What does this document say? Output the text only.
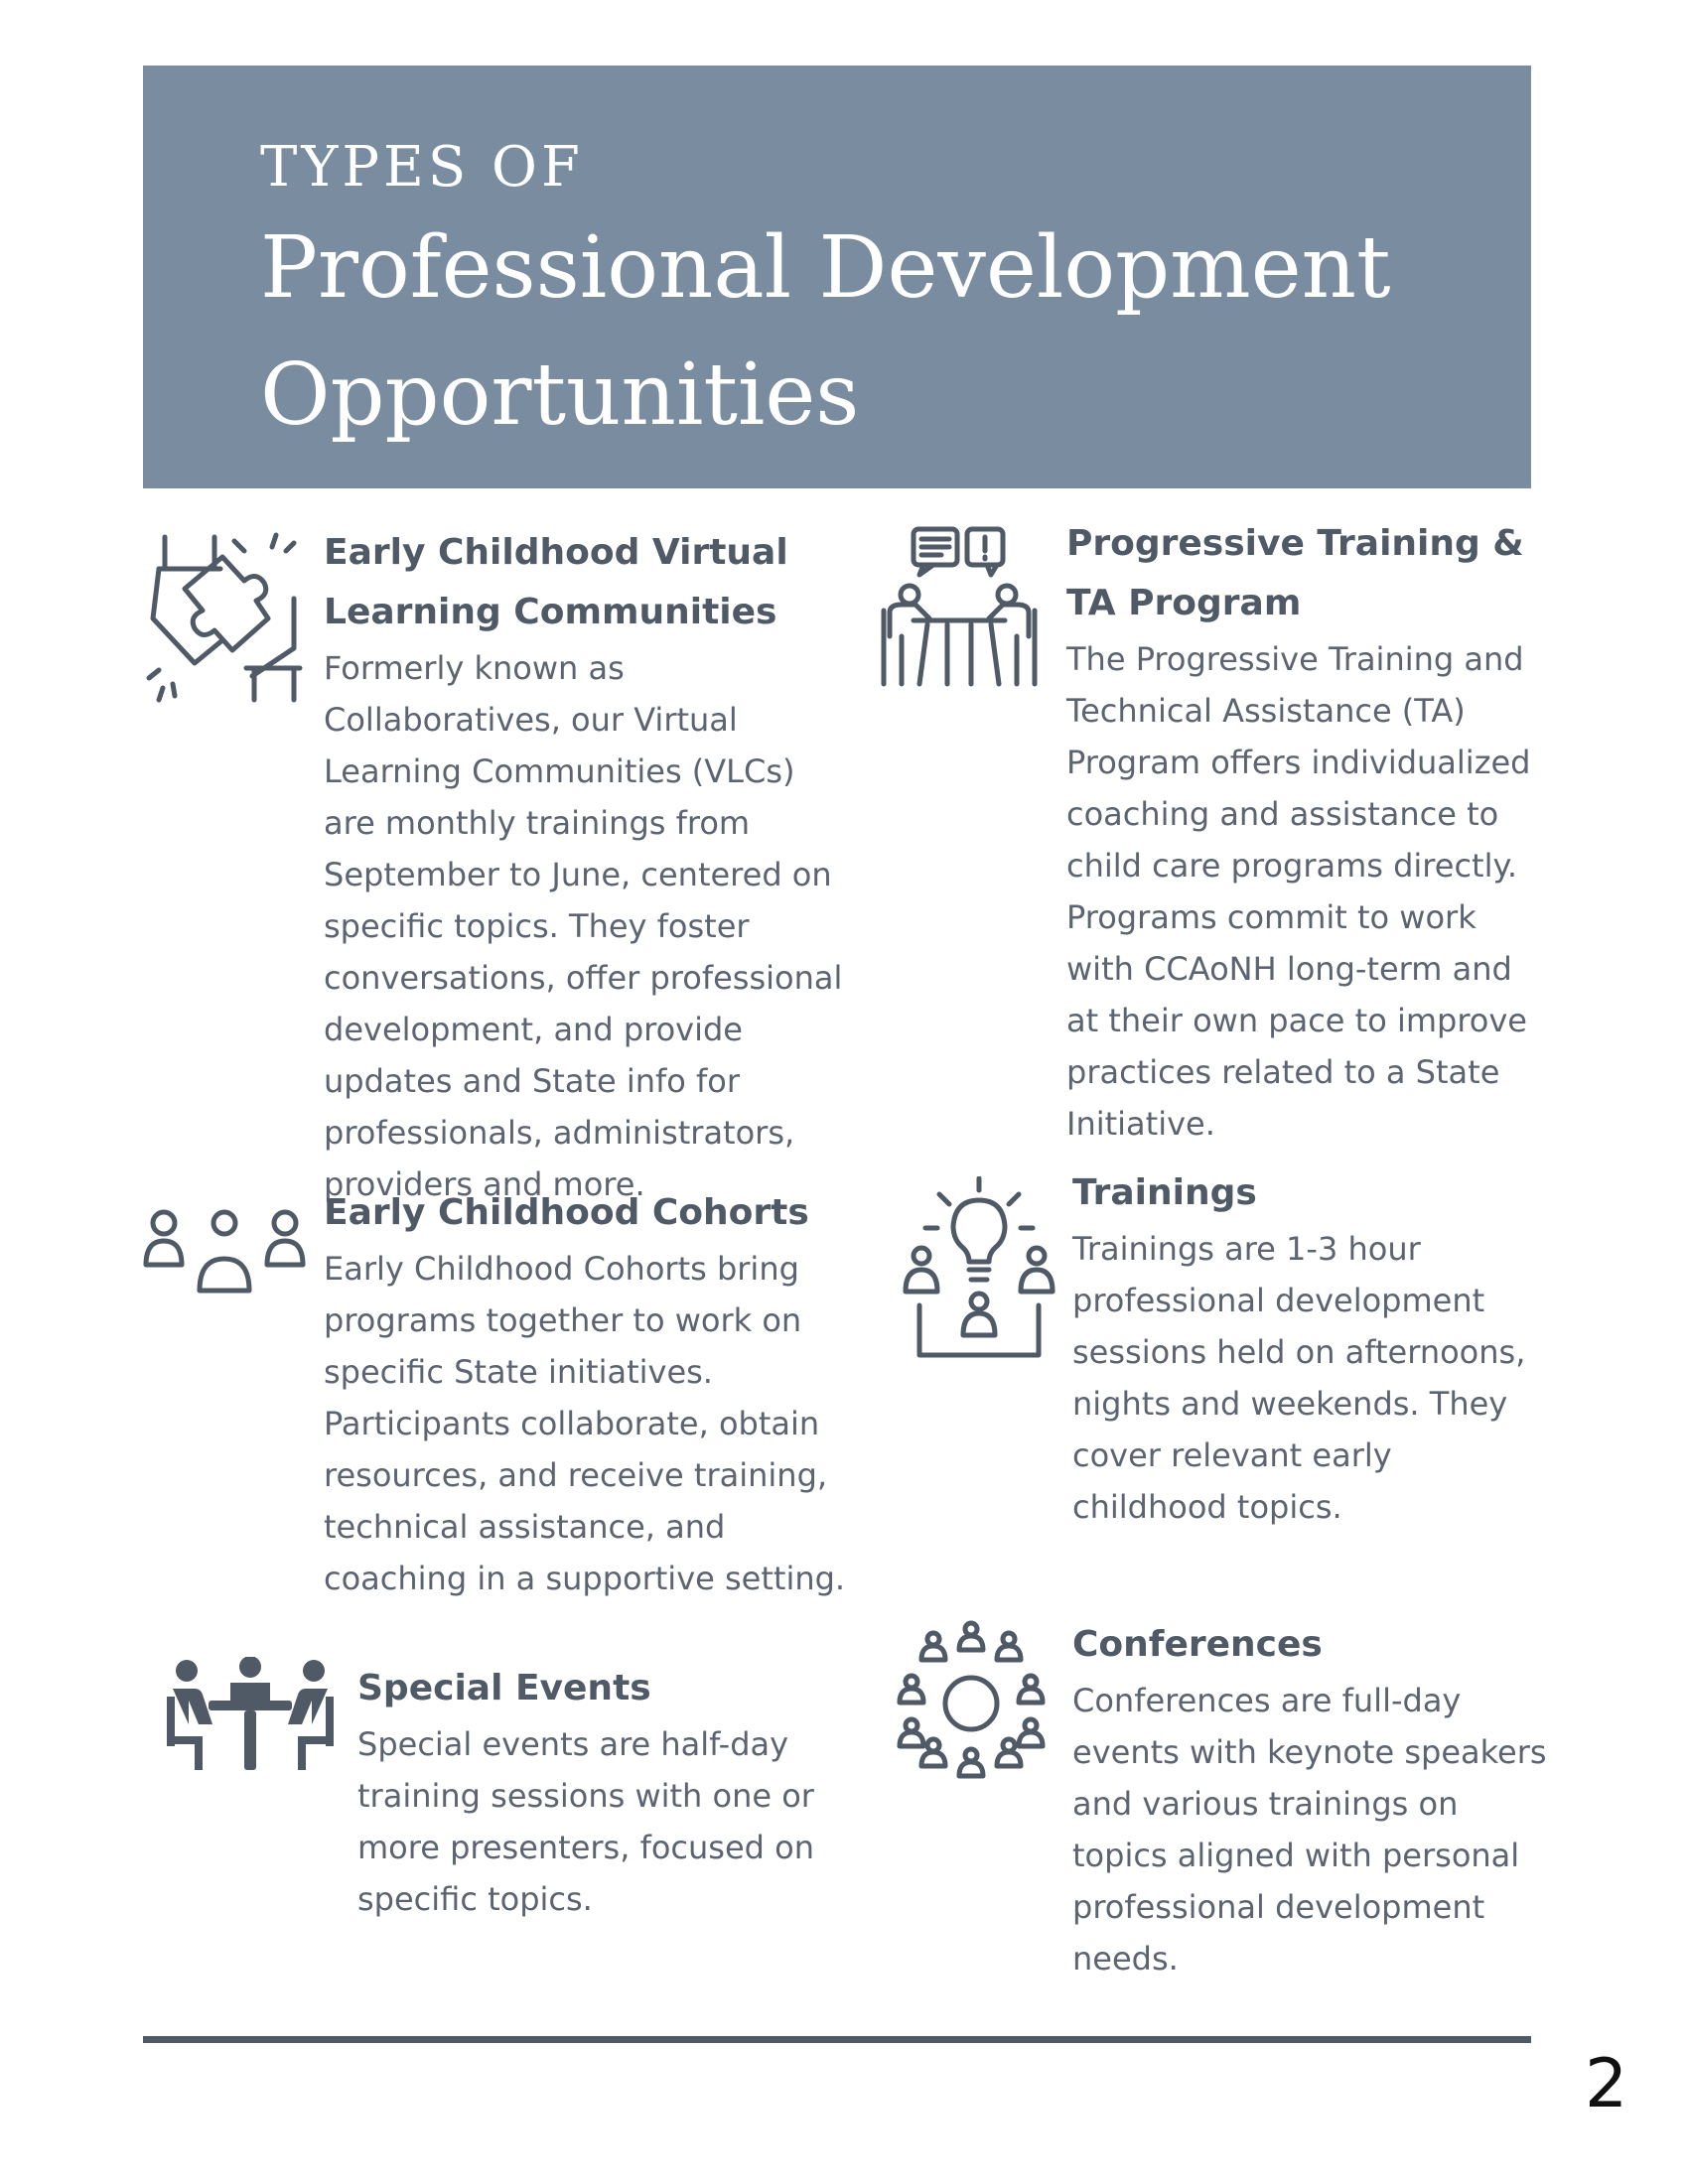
TYPES OF
Professional Development Opportunities
Early Childhood Virtual Learning Communities

Formerly known as Collaboratives, our Virtual Learning Communities (VLCs) are monthly trainings from September to June, centered on specific topics. They foster conversations, offer professional development, and provide updates and State info for professionals, administrators, providers and more.

Progressive Training & TA Program

The Progressive Training and Technical Assistance (TA) Program offers individualized coaching and assistance to child care programs directly. Programs commit to work with CCAoNH long-term and at their own pace to improve practices related to a State Initiative.

Early Childhood Cohorts

Early Childhood Cohorts bring programs together to work on specific State initiatives. Participants collaborate, obtain resources, and receive training, technical assistance, and coaching in a supportive setting.

Trainings

Trainings are 1-3 hour professional development sessions held on afternoons, nights and weekends. They cover relevant early childhood topics.

Special Events

Special events are half-day training sessions with one or more presenters, focused on specific topics.

Conferences

Conferences are full-day events with keynote speakers and various trainings on topics aligned with personal professional development needs.

2
